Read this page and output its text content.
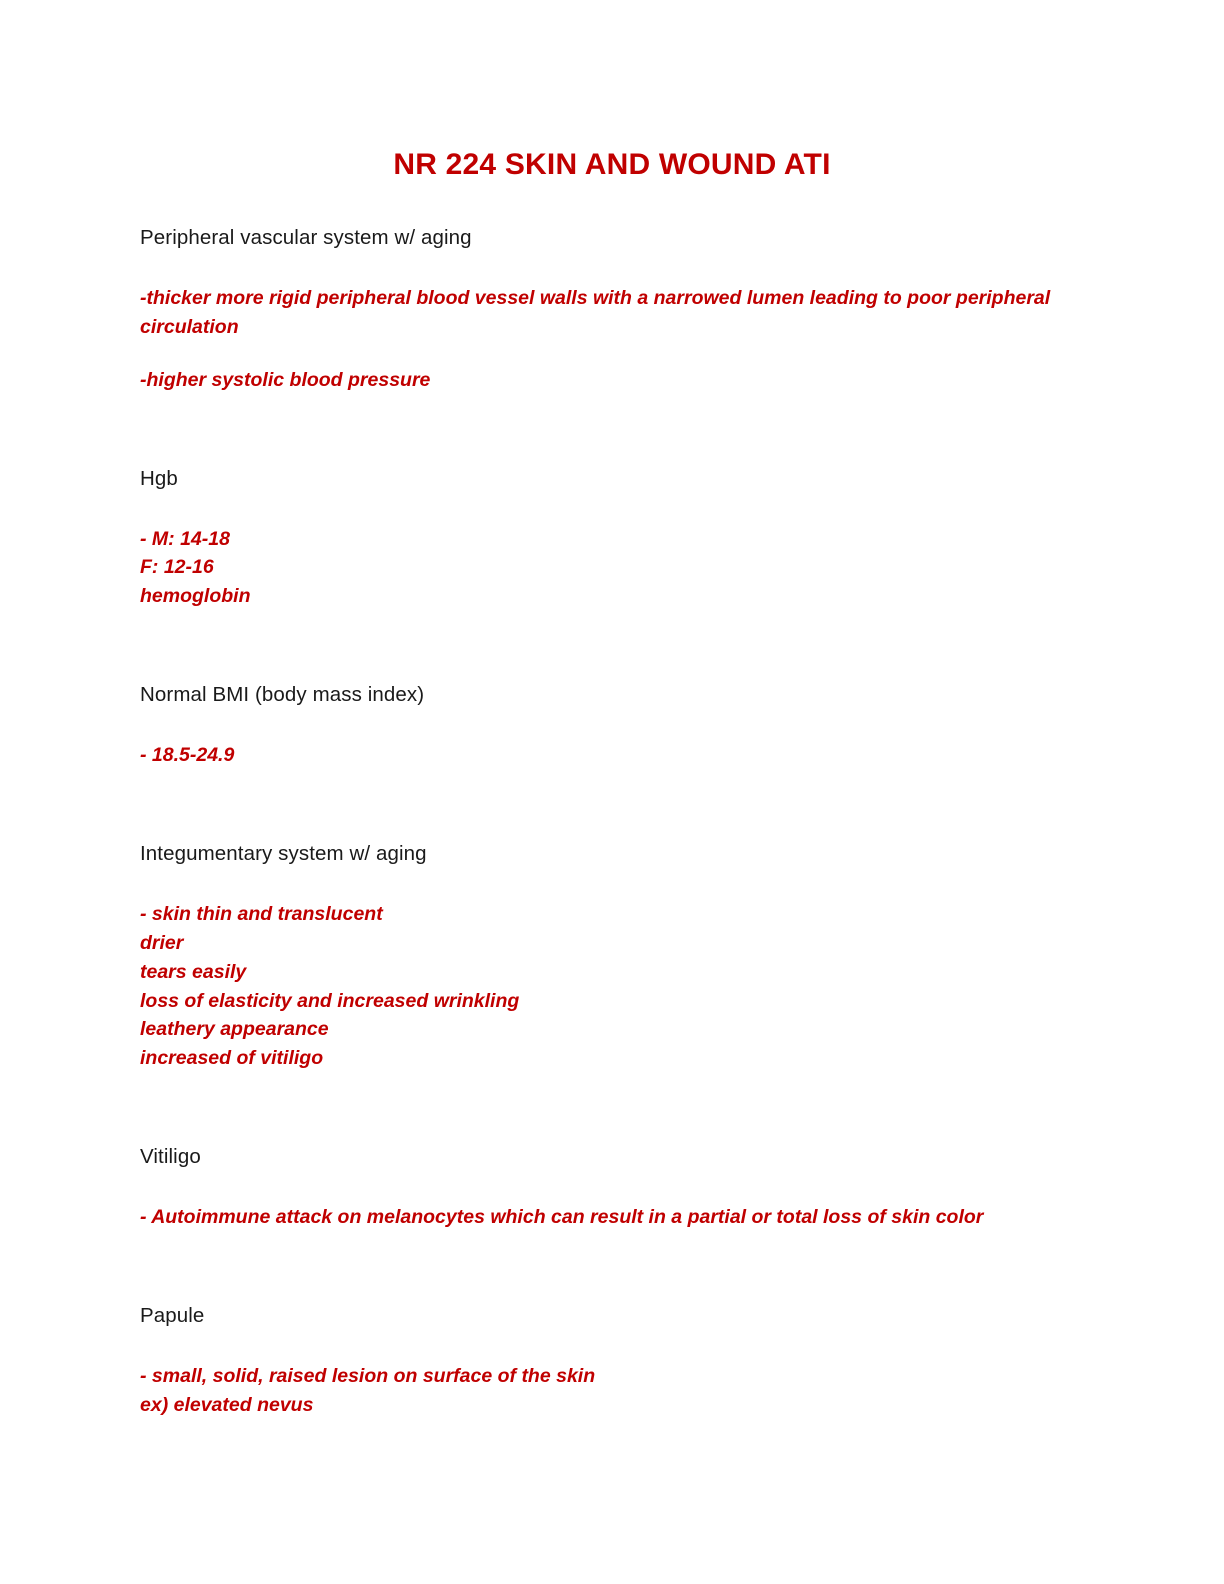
NR 224 SKIN AND WOUND ATI

Peripheral vascular system w/ aging

-thicker more rigid peripheral blood vessel walls with a narrowed lumen leading to poor peripheral circulation

-higher systolic blood pressure

Hgb

- M: 14-18
F: 12-16
hemoglobin

Normal BMI (body mass index)

- 18.5-24.9

Integumentary system w/ aging

- skin thin and translucent
drier
tears easily
loss of elasticity and increased wrinkling
leathery appearance
increased of vitiligo

Vitiligo

- Autoimmune attack on melanocytes which can result in a partial or total loss of skin color

Papule

- small, solid, raised lesion on surface of the skin
ex) elevated nevus
